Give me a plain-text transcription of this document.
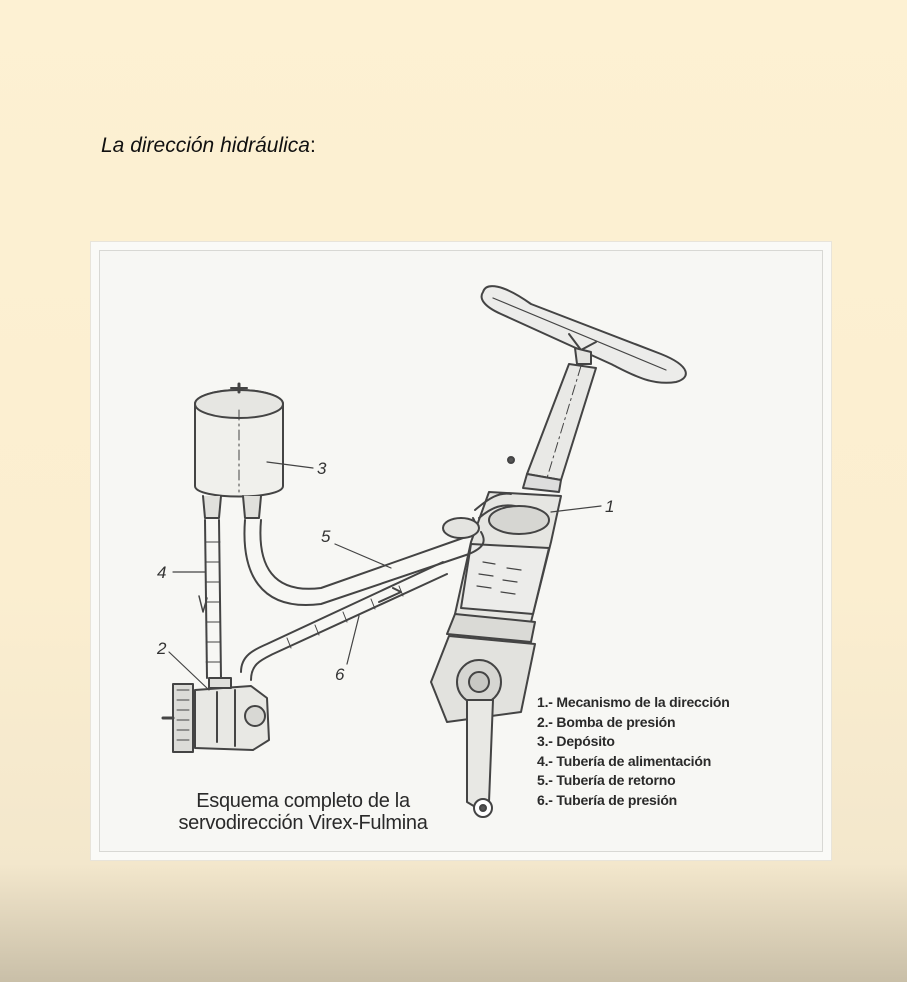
La dirección hidráulica:
3
1
5
4
2
6
1.- Mecanismo de la dirección
2.- Bomba de presión
3.- Depósito
4.- Tubería de alimentación
5.- Tubería de retorno
6.- Tubería de presión
Esquema completo de la
servodirección Virex-Fulmina
